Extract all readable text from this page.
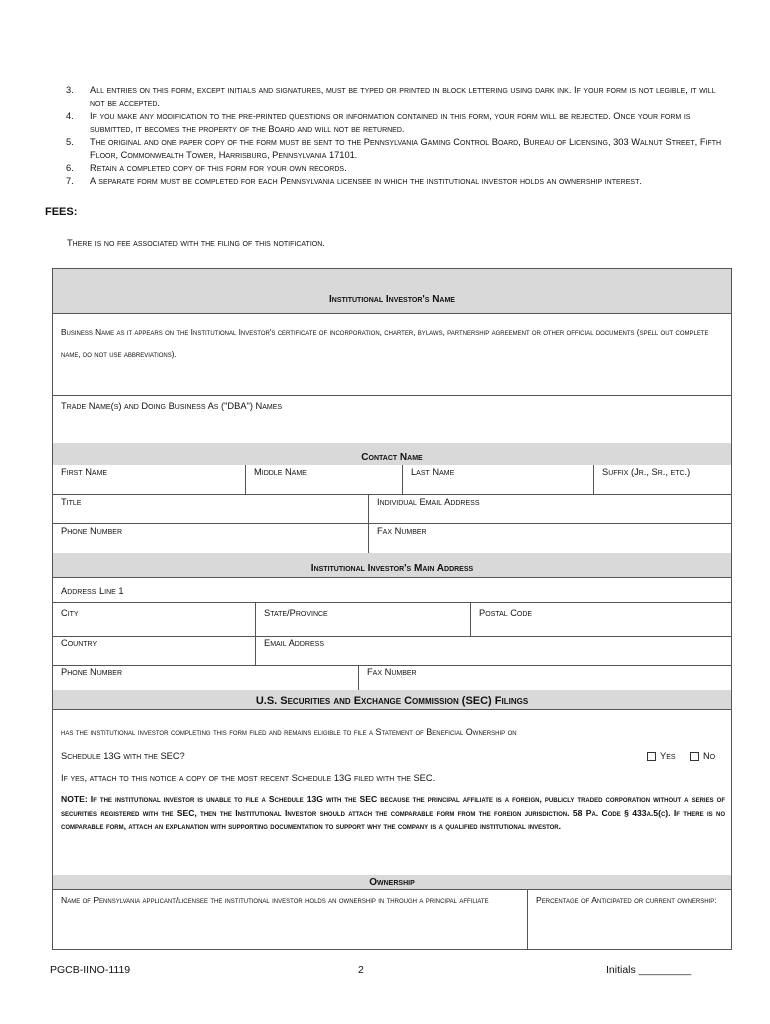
3.	All entries on this form, except initials and signatures, must be typed or printed in block lettering using dark ink. If your form is not legible, it will not be accepted.
4.	If you make any modification to the pre-printed questions or information contained in this form, your form will be rejected. Once your form is submitted, it becomes the property of the Board and will not be returned.
5.	The original and one paper copy of the form must be sent to the Pennsylvania Gaming Control Board, Bureau of Licensing, 303 Walnut Street, Fifth Floor, Commonwealth Tower, Harrisburg, Pennsylvania 17101.
6.	Retain a completed copy of this form for your own records.
7.	A separate form must be completed for each Pennsylvania licensee in which the institutional investor holds an ownership interest.
FEES:
There is no fee associated with the filing of this notification.
Institutional Investor's Name
Business Name as it appears on the Institutional Investor's certificate of incorporation, charter, bylaws, partnership agreement or other official documents (spell out complete name, do not use abbreviations).
Trade Name(s) and Doing Business As ("DBA") Names
Contact Name
First Name	Middle Name	Last Name	Suffix (Jr., Sr., etc.)
Title	Individual Email Address
Phone Number	Fax Number
Institutional Investor's Main Address
Address Line 1
City	State/Province	Postal Code
Country	Email Address
Phone Number	Fax Number
U.S. Securities and Exchange Commission (SEC) Filings
has the institutional investor completing this form filed and remains eligible to file a Statement of Beneficial Ownership on
Schedule 13G with the SEC?	Yes	No
If yes, attach to this notice a copy of the most recent Schedule 13G filed with the SEC.
NOTE: If the institutional investor is unable to file a Schedule 13G with the SEC because the principal affiliate is a foreign, publicly traded corporation without a series of securities registered with the SEC, then the Institutional Investor should attach the comparable form from the foreign jurisdiction. 58 Pa. Code § 433a.5(c). If there is no comparable form, attach an explanation with supporting documentation to support why the company is a qualified institutional investor.
Ownership
Name of Pennsylvania applicant/licensee the institutional investor holds an ownership in through a principal affiliate	Percentage of Anticipated or current ownership:
PGCB-IINO-1119	2	Initials _________
